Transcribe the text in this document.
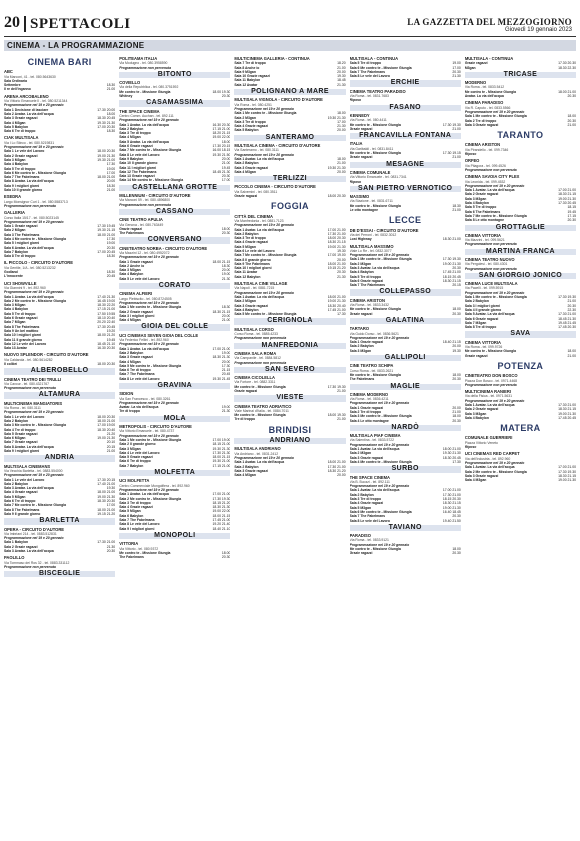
20 SPETTACOLI	LA GAZZETTA DEL MEZZOGIORNO
Giovedì 19 gennaio 2023
CINEMA - LA PROGRAMMAZIONE
CINEMA BARI
ABC
Via Marconi, 41 - tel. 080.5643630
Sala Ordinaria
Settembre	18.30
Il re dell'inganno	21.00
ARENA ARCOBALENO
Via Vittorio Emanuele II - tel. 080.5211344
Programmazione nel 19 e 20 gennaio
Sala 1 Decisione di lasciare	17.30 20.00
Sala 2 Avatar. La via dell'acqua	18.00
Sala 3 Grazie ragazzi	18.30 20.45
Sala 4 M3gan	19.30 21.30
Sala 5 Babylon	17.00 20.30
Sala 6 Tre di troppo	18.30
CIAK MULTISALA
Via I Lo Stinco - tel. 080.5219831
Programmazione nel 19 e 20 gennaio
Sala 1 Le vele del Lavoro	18.00 20.30
Sala 2 Grazie ragazzi	19.00 21.30
Sala 3 M3gan	19.30 21.00
Sala 4 Babylon	17.30
Sala 5 Tre di troppo	19.00
Sala 6 Me contro te - Missione Giungla	17.00
Sala 7 The Fabelmans	18.00 21.00
Sala 8 Avatar. La via dell'acqua	20.00
Sala 9 I migliori giorni	18.30
Sala 10 Il grande giorno	21.00
ESEDRA
Largo Monsignor Curi 1 - tel. 080.5583713
Programmazione non pervenuta
GALLERIA
Corso Italia 15/17 - tel. 080.5023145
Programmazione nel 19 e 20 gennaio
Sala 1 Grazie ragazzi	17.30 19.45
Sala 2 M3gan	19.30 21.15
Sala 3 The Fabelmans	18.00 21.00
Sala 4 Me contro te - Missione Giungla	17.30
Sala 5 I migliori giorni	19.00
Sala 6 Avatar. La via dell'acqua	20.30
Sala 7 Babylon	17.00 20.45
Sala 8 Tre di troppo	18.30
IL PICCOLO - CIRCUITO D'AUTORE
Via Gentile, 1/A - tel. 080.5213232
Godland	18.30
L'innocente	20.45
UCI SHOWVILLE
Via Giannini 9 - tel. 892.960
Programmazione nel 19 e 20 gennaio
Sala 1 Avatar. La via dell'acqua	17.40 21.30
Sala 2 Me contro te - Missione Giungla	16.45 19.00
Sala 3 M3gan	18.30 22.20
Sala 4 Babylon	17.15 21.00
Sala 5 Tre di troppo	17.50 19.55
Sala 6 Grazie ragazzi	18.10 20.40
Sala 7 M3gan	20.20 22.40
Sala 8 The Fabelmans	17.30 20.45
Sala 9 Un bel mattino	19.20
Sala 10 I migliori giorni	18.00 21.20
Sala 11 Il grande giorno	19.45
Sala 12 Le vele del Lavoro	18.45 21.10
Sala 13 Avatar	16.30 20.30
NUOVO SPLENDOR - CIRCUITO D'AUTORE
Via Caldarola - tel. 080.5614282
Il colibrì	18.00 20.30
ALBEROBELLO
CINEMA TEATRO DEI TRULLI
Via Cavour - tel. 080.4321767
Programmazione non pervenuta
ALTAMURA
MULTICINEMA MANGIATORIS
Via Roma - tel. 080.3111
Programmazione nel 19 e 20 gennaio
Sala 1 Le vele del Lavoro	18.00 20.30
Sala 2 Babylon	18.00 21.00
Sala 3 Me contro te - Missione Giungla	17.00 19.00
Sala 4 Tre di troppo	18.30 20.40
Sala 5 Grazie ragazzi	21.20
Sala 6 M3gan	19.00 21.30
Sala 7 Grazie ragazzi	20.10
Sala 8 Avatar. La via dell'acqua	20.15
Sala 9 I migliori giorni	21.00
ANDRIA
MULTISALA CINEMANS
Via Vecchia Barletta - tel. 0883.554000
Programmazione nel 19 e 20 gennaio
Sala 1 Le vele del Lavoro	17.30 20.15
Sala 2 Babylon	17.40 21.00
Sala 3 Avatar. La via dell'acqua	19.30
Sala 4 Grazie ragazzi	18.00 21.00
Sala 5 M3gan	19.00 21.30
Sala 6 Tre di troppo	18.30 20.30
Sala 7 Me contro te - Missione Giungla	17.00
Sala 8 The Fabelmans	18.00 21.00
Sala 9 Il grande giorno	19.15 21.20
BARLETTA
OPERA - CIRCUITO D'AUTORE
Via Imbriani 214 - tel. 0883.512831
Programmazione nel 19 e 20 gennaio
Sala 1 Babylon	17.30 21.00
Sala 2 Grazie ragazzi	21.30
Sala 3 Avatar. La via dell'acqua	20.30
PAOLILLO
Via Tommaso dei Ros 32 - tel. 0883.331112
Programmazione non pervenuta
BISCEGLIE
POLITEAMA ITALIA
Via Modugno - tel. 080.3958590
Programmazione non pervenuta
BITONTO
COVIELLO
Via della Repubblica - tel. 080.3751592
Me contro te - Missione Giungla	18.00 19.30
Whitney	20.30
CASAMASSIMA
THE SPACE CINEMA
Centro Comm. Auchan - tel. 892.111
Programmazione nel 19 e 20 gennaio
Sala 1 Avatar. La via dell'acqua	16.30 20.30
Sala 2 Babylon	17.15 21.00
Sala 3 Tre di troppo	18.20 21.15
Sala 4 M3gan	19.00 22.00
Sala 5 Avatar. La via dell'acqua	18.00
Sala 6 Grazie ragazzi	17.30 20.15
Sala 7 Me contro te - Missione Giungla	16.00 18.15
Sala 8 Le vele del Lavoro	19.30 21.50
Sala 9 Babylon	20.00
Sala 10 Il grande giorno	21.00
Sala 11 I migliori giorni	19.45
Sala 12 The Fabelmans	18.45 21.30
Sala 13 Grazie ragazzi	20.30
Sala 14 Me contro te - Missione Giungla	17.00
CASTELLANA GROTTE
MILLENNIUM - CIRCUITO D'AUTORE
Via Marconi 59 - tel. 080.4896800
Programmazione non pervenuta
CASSANO
CINE TEATRO APULIA
Via Genova - tel. 080.763449
Grazie ragazzi	18.00
The Fabelmans	20.30
CONVERSANO
CINETEATRO NORBA - CIRCUITO D'AUTORE
Via Mazzini 12 - tel. 080.4952072
Programmazione nel 19 e 20 gennaio
Sala 1 Grazie ragazzi	18.00 21.15
Sala 2 Anche io	18.30
Sala 3 M3gan	20.00
Sala 4 Babylon	19.00
Sala 5 Le vele del Lavoro	21.30
CORATO
CINEMA ALFIERI
Largo Plebiscito - tel. 080.8724505
Programmazione nel 19 e 20 gennaio
Sala 1 Me contro te - Missione Giungla	18.30
Sala 2 Grazie ragazzi	18.30 21.15
Sala 3 I migliori giorni	20.00
Sala 4 M3gan	21.00
GIOIA DEL COLLE
UCI CINEMAS SEVEN GIOIA DEL COLLE
Via Federico Fellini - tel. 892.960
Programmazione nel 19 e 20 gennaio
Sala 1 Avatar. La via dell'acqua	17.00 21.00
Sala 2 Babylon	19.00
Sala 3 Grazie ragazzi	18.30 21.30
Sala 4 M3gan	20.00
Sala 5 Me contro te - Missione Giungla	17.30
Sala 6 Tre di troppo	21.15
Sala 7 The Fabelmans	20.45
Sala 8 Le vele del Lavoro	19.30 21.45
GRAVINA
SIDION
Via San Francesco - tel. 080.3261
Programmazione nel 19 e 20 gennaio
Avatar. La via dell'acqua	19.00
Tre di troppo	21.30
MOLA
METROPOLIS - CIRCUITO D'AUTORE
Via Vittorio Emanuele - tel. 080.4737
Programmazione nel 19 e 20 gennaio
Sala 1 Me contro te - Missione Giungla	17.00 19.00
Sala 2 Il grande giorno	18.15 21.00
Sala 3 M3gan	19.30 21.30
Sala 4 Le vele del Lavoro	17.30 21.30
Sala 5 Grazie ragazzi	18.00 21.15
Sala 6 Tre di troppo	19.30 21.00
Sala 7 Babylon	17.15 21.00
MOLFETTA
UCI MOLFETTA
Centro Commerciale Mongolfiera - tel. 892.960
Programmazione nel 19 e 20 gennaio
Sala 1 Avatar. La via dell'acqua	17.00 21.00
Sala 2 Me contro te - Missione Giungla	17.30 19.30
Sala 3 Tre di troppo	18.15 21.20
Sala 4 Grazie ragazzi	18.30 21.30
Sala 5 M3gan	19.00 22.00
Sala 6 Babylon	18.00 21.15
Sala 7 The Fabelmans	17.45 21.00
Sala 8 Le vele del Lavoro	19.20 21.40
Sala 9 I migliori giorni	18.40 21.10
MONOPOLI
VITTORIA
Via Vittorio - tel. 080.9372
Me contro te - Missione Giungla	18.00
The Fabelmans	20.30
MULTICINEMA GALLERIA - CONTINUA
Sala 7 Tre di troppo	18.20
Sala 8 Anche io	21.00
Sala 9 M3gan	20.00
Sala 10 Grazie ragazzi	19.30
Sala 11 Babylon	18.45
Sala 12 Avatar	21.30
POLIGNANO A MARE
MULTISALA VIGNOLA - CIRCUITO D'AUTORE
Via Roma - tel. 080.4251
Programmazione nel 19 e 20 gennaio
Sala 1 Me contro te - Missione Giungla	18.00
Sala 2 M3gan	19.30 21.30
Sala 3 Tre di troppo	17.00
Sala 4 Grazie ragazzi	21.30
Sala 5 Babylon	20.00
SANTERAMO
MULTISALA CINEMA - CIRCUITO D'AUTORE
Via Santeramo - tel. 080.3111
Programmazione nel 19 e 20 gennaio
Sala 1 Avatar. La via dell'acqua	18.00
Sala 2 Babylon	21.00
Sala 3 Grazie ragazzi	19.30 21.30
Sala 4 M3gan	20.00
TERLIZZI
PICCOLO CINEMA - CIRCUITO D'AUTORE
Via Salvemini - tel. 080.3511
Grazie ragazzi	18.00 20.30
FOGGIA
CITTÀ DEL CINEMA
Via Manfredonia - tel. 0881.7123
Programmazione nel 19 e 20 gennaio
Sala 1 Avatar. La via dell'acqua	17.00 21.00
Sala 2 Babylon	17.30 21.00
Sala 3 Tre di troppo	18.00 20.30
Sala 4 Grazie ragazzi	18.30 21.15
Sala 5 M3gan	19.00 21.30
Sala 6 Le vele del Lavoro	19.30
Sala 7 Me contro te - Missione Giungla	17.00 19.00
Sala 8 Il grande giorno	20.00
Sala 9 The Fabelmans	18.00 21.00
Sala 10 I migliori giorni	19.15 21.20
Sala 11 Avatar	20.30
Sala 12 Babylon	21.30
MULTISALA CINE VILLAGE
Via Napoli - tel. 0881.7215
Programmazione nel 19 e 20 gennaio
Sala 1 Avatar. La via dell'acqua	18.00 21.00
Sala 2 M3gan	19.00 21.30
Sala 3 Grazie ragazzi	18.30 20.40
Sala 4 Babylon	17.45 21.00
Sala 5 Me contro te - Missione Giungla	17.30
CERIGNOLA
MULTISALA CORSO
Corso Roma - tel. 0885.4233
Programmazione non pervenuta
MANFREDONIA
CINEMA SALA ROMA
Via Campanile - tel. 0884.5812
Programmazione non pervenuta
SAN SEVERO
CINEMA CICOLELLA
Via Fortore - tel. 0882.3311
Me contro te - Missione Giungla	17.30 19.30
Grazie ragazzi	21.00
VIESTE
CINEMA TEATRO ADRIATICO
Viale Marinai d'Italia - tel. 0884.7011
Me contro te - Missione Giungla	18.00 19.30
Tre di troppo	21.00
BRINDISI
ANDRIANO
MULTISALA ANDRIANO
Via Andriano - tel. 0831.2412
Programmazione nel 19 e 20 gennaio
Sala 1 Avatar. La via dell'acqua	18.00 21.00
Sala 2 Babylon	17.30 21.00
Sala 3 Grazie ragazzi	18.30 21.20
Sala 4 M3gan	20.00
MULTISALA - CONTINUA
Sala 5 Tre di troppo	19.00
Sala 6 Me contro te - Missione Giungla	17.00
Sala 7 The Fabelmans	20.30
Sala 8 Le vele del Lavoro	21.30
ERCHIE
CINEMA TEATRO PARADISO
Via Roma - tel. 0831.7683
Riposo
FASANO
KENNEDY
Via Roma - tel. 080.4411
Me contro te - Missione Giungla	17.30 19.30
Grazie ragazzi	21.00
FRANCAVILLA FONTANA
ITALIA
Via Garibaldi - tel. 0831.8411
Me contro te - Missione Giungla	17.30 19.15
Grazie ragazzi	21.00
MESAGNE
CINEMA COMUNALE
Via Vittorio Emanuele - tel. 0831.7341
Riposo
SAN PIETRO VERNOTICO
MASSIMO
Via Stazione - tel. 0831.6711
Me contro te - Missione Giungla	18.30
Le otto montagne	21.00
LECCE
DB D'ESSAI - CIRCUITO D'AUTORE
Via dei Perroni - tel. 0832.3012
Lost Highway	18.30 21.00
MULTISALA MASSIMO
Viale Lo Re - tel. 0832.3077
Programmazione nel 19 e 20 gennaio
Sala 1 Me contro te - Missione Giungla	17.30 19.30
Sala 2 M3gan	19.00 21.30
Sala 3 Avatar. La via dell'acqua	20.30
Sala 4 Babylon	17.45 21.00
Sala 5 Tre di troppo	18.15 20.45
Sala 6 Grazie ragazzi	18.30 21.15
Sala 7 The Fabelmans	20.15
COLLEPASSO
CINEMA ARISTON
Via Roma - tel. 0833.3432
Me contro te - Missione Giungla	18.00
Grazie ragazzi	20.30
GALATINA
TARTARO
Via Guido Dorso - tel. 0836.5621
Programmazione nel 19 e 20 gennaio
Sala 1 Grazie ragazzi	18.40 21.15
Sala 2 Babylon	20.00
Sala 3 M3gan	19.30
GALLIPOLI
CINE TEATRO SCHIPA
Corso Roma - tel. 0833.2621
Me contro te - Missione Giungla	18.00
The Fabelmans	20.30
MAGLIE
CINEMA MODERNO
Via Roma - tel. 0836.4211
Programmazione nel 19 e 20 gennaio
Sala 1 Grazie ragazzi	20.00
Sala 2 Tre di troppo	21.00
Sala 3 Me contro te - Missione Giungla	18.00
Sala 4 Le otto montagne	20.30
NARDÒ
MULTISALA PIAF CINEMA
Via Salentina - tel. 0833.5722
Programmazione nel 19 e 20 gennaio
Sala 1 Avatar. La via dell'acqua	18.00 21.00
Sala 2 M3gan	19.30 21.30
Sala 3 Grazie ragazzi	18.30 20.45
Sala 4 Me contro te - Missione Giungla	17.30
SURBO
THE SPACE CINEMA
Via B. Buozzi - tel. 892.111
Programmazione nel 19 e 20 gennaio
Sala 1 Avatar. La via dell'acqua	17.00 21.00
Sala 2 Babylon	17.30 21.00
Sala 3 Tre di troppo	18.15 20.30
Sala 4 Grazie ragazzi	18.30 21.15
Sala 5 M3gan	19.00 21.30
Sala 6 Me contro te - Missione Giungla	16.40 18.45
Sala 7 The Fabelmans	20.30
Sala 8 Le vele del Lavoro	19.40 21.50
TAVIANO
PARADISO
Via Roma - tel. 0833.9121
Programmazione nel 19 e 20 gennaio
Me contro te - Missione Giungla	18.00
Grazie ragazzi	20.30
MULTISALA - CONTINUA
Grazie ragazzi	17.30 20.30
M3gan	18.30 22.30
TRICASE
MODERNO
Via Roma - tel. 0833.5412
Me contro te - Missione Giungla	18.00 21.00
Avatar. La via dell'acqua	20.30
CINEMA PARADISO
Via R. Caputo - tel. 0833.5566
Programmazione nel 19 e 20 gennaio
Sala 1 Me contro te - Missione Giungla	18.00
Sala 2 Tre di troppo	20.30
Sala 3 Grazie ragazzi	21.00
TARANTO
CINEMA ARISTON
Via Pirandello - tel. 099.7346
Riposo
ORFEO
Via Pitagora - tel. 099.4526
Programmazione non pervenuta
CINEMA SAVOIA CITY PLEX
Via Leonida - tel. 099.4532
Programmazione nel 19 e 20 gennaio
Sala 1 Avatar. La via dell'acqua	17.00 21.00
Sala 2 Grazie ragazzi	18.30 21.15
Sala 3 M3gan	19.00 21.30
Sala 4 Babylon	17.30 20.45
Sala 5 Tre di troppo	18.15
Sala 6 The Fabelmans	19.45
Sala 7 Me contro te - Missione Giungla	17.15
Sala 8 Le otto montagne	20.30
GROTTAGLIE
CINEMA VITTORIA
Via Mazzini - tel. 099.5621
Programmazione non pervenuta
MARTINA FRANCA
CINEMA TEATRO NUOVO
Via Pergolesi - tel. 080.4301
Programmazione non pervenuta
SAN GIORGIO JONICO
CINEMA LUCE MULTISALA
Via Pacelli - tel. 099.5915
Programmazione nel 19 e 20 gennaio
Sala 1 Me contro te - Missione Giungla	17.30 19.30
Sala 2 Babylon	21.00
Sala 3 I migliori giorni	20.30
Sala 4 Il grande giorno	22.30
Sala 5 Avatar. La via dell'acqua	17.30 21.00
Sala 6 Grazie ragazzi	18.45 21.30
Sala 7 M3gan	19.45 21.45
Sala 8 Tre di troppo	17.45 20.30
SAVA
CINEMA VITTORIA
Via Roma - tel. 099.9726
Me contro te - Missione Giungla	18.00
Grazie ragazzi	21.00
POTENZA
CINETEATRO DON BOSCO
Piazza Don Bosco - tel. 0971.4468
Programmazione non pervenuta
MULTICINEMA RANIERI
Via della Fisica - tel. 0971.5631
Programmazione nel 19 e 20 gennaio
Sala 1 Avatar. La via dell'acqua	17.30 21.00
Sala 2 Grazie ragazzi	18.30 21.15
Sala 3 M3gan	19.00 21.30
Sala 4 Babylon	17.45 20.45
MATERA
COMUNALE GUERRIERI
Piazza Vittorio Veneto
Riposo
UCI CINEMAS RED CARPET
Via dell'Industria - tel. 892.960
Programmazione nel 19 e 20 gennaio
Sala 1 Avatar. La via dell'acqua	17.00 21.00
Sala 2 Me contro te - Missione Giungla	17.30 19.30
Sala 3 Grazie ragazzi	18.30 21.15
Sala 4 M3gan	19.00 21.30
